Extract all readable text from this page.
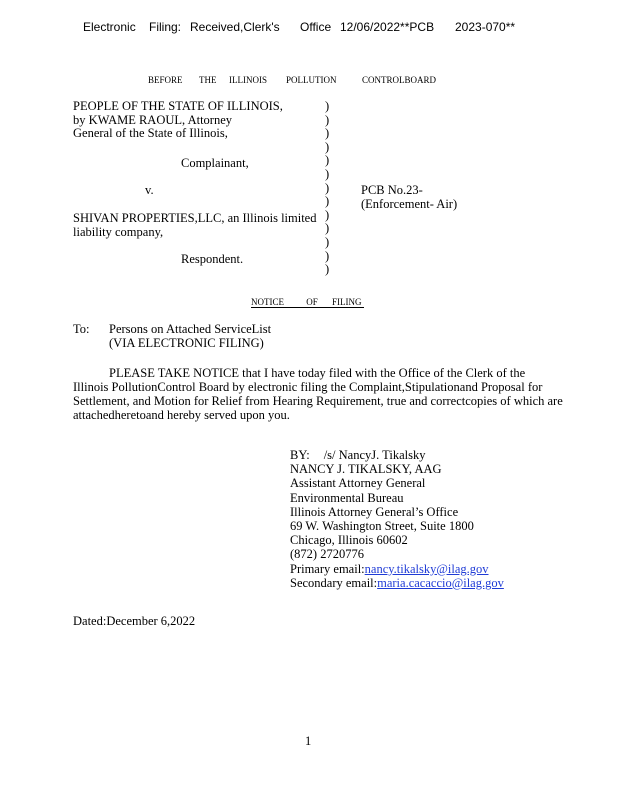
Electronic Filing: Received,Clerk's Office 12/06/2022**PCB 2023-070**
BEFORE THE ILLINOIS POLLUTION	CONTROLBOARD
PEOPLE OF THE STATE OF ILLINOIS,
by KWAME RAOUL, Attorney
General of the State of Illinois,
Complainant,
v.
SHIVAN PROPERTIES,LLC, an Illinois limited
liability company,
Respondent.
)
)
)
)
)
)
)
)
)
)
)
)
)
PCB No.23-
(Enforcement- Air)
NOTICE OF FILING
To: Persons on Attached ServiceList
(VIA ELECTRONIC FILING)
PLEASE TAKE NOTICE that I have today filed with the Office of the Clerk of the Illinois PollutionControl Board by electronic filing the Complaint,Stipulationand Proposal for Settlement, and Motion for Relief from Hearing Requirement, true and correctcopies of which are attachedheretoand hereby served upon you.
BY: /s/ NancyJ. Tikalsky
NANCY J. TIKALSKY, AAG
Assistant Attorney General
Environmental Bureau
Illinois Attorney General’s Office
69 W. Washington Street, Suite 1800
Chicago, Illinois 60602
(872) 2720776
Primary email:nancy.tikalsky@ilag.gov
Secondary email:maria.cacaccio@ilag.gov
Dated:December 6,2022
1
